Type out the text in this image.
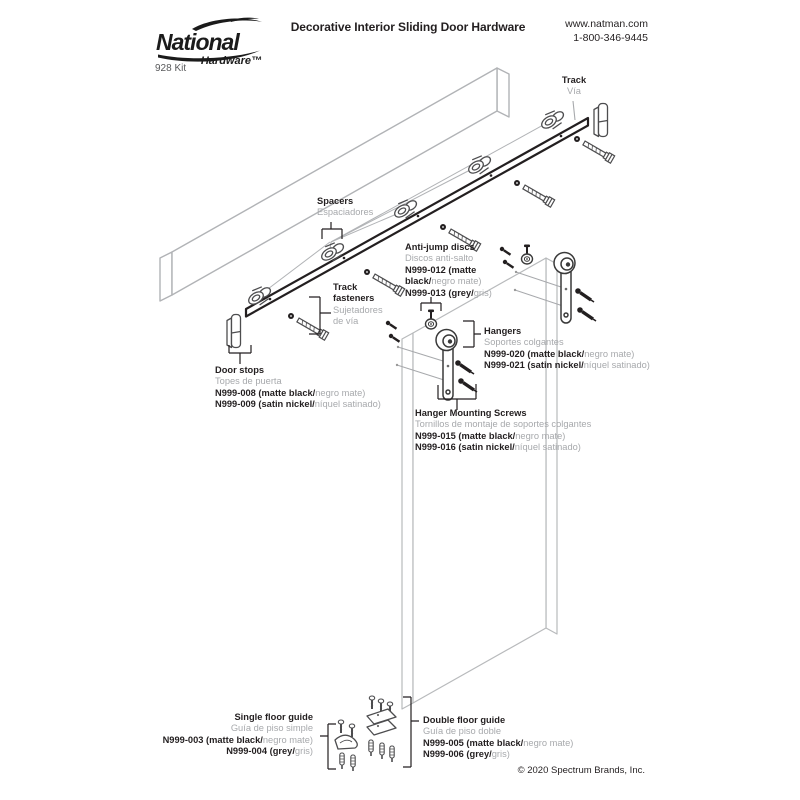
National
Hardware™
928 Kit
Decorative Interior Sliding Door Hardware	www.natman.com
1-800-346-9445
Track
Vía
Spacers
Espaciadores
Anti-jump discs
Discos anti-salto
N999-012 (matte black/negro mate)
N999-013 (grey/gris)
Track fasteners
Sujetadores de vía
Door stops
Topes de puerta
N999-008 (matte black/negro mate)
N999-009 (satin nickel/níquel satinado)
Hangers
Soportes colgantes
N999-020 (matte black/negro mate)
N999-021 (satin nickel/níquel satinado)
Hanger Mounting Screws
Tornillos de montaje de soportes colgantes
N999-015 (matte black/negro mate)
N999-016 (satin nickel/níquel satinado)
Single floor guide
Guía de piso simple
N999-003 (matte black/negro mate)
N999-004 (grey/gris)
Double floor guide
Guía de piso doble
N999-005 (matte black/negro mate)
N999-006 (grey/gris)
© 2020 Spectrum Brands, Inc.
